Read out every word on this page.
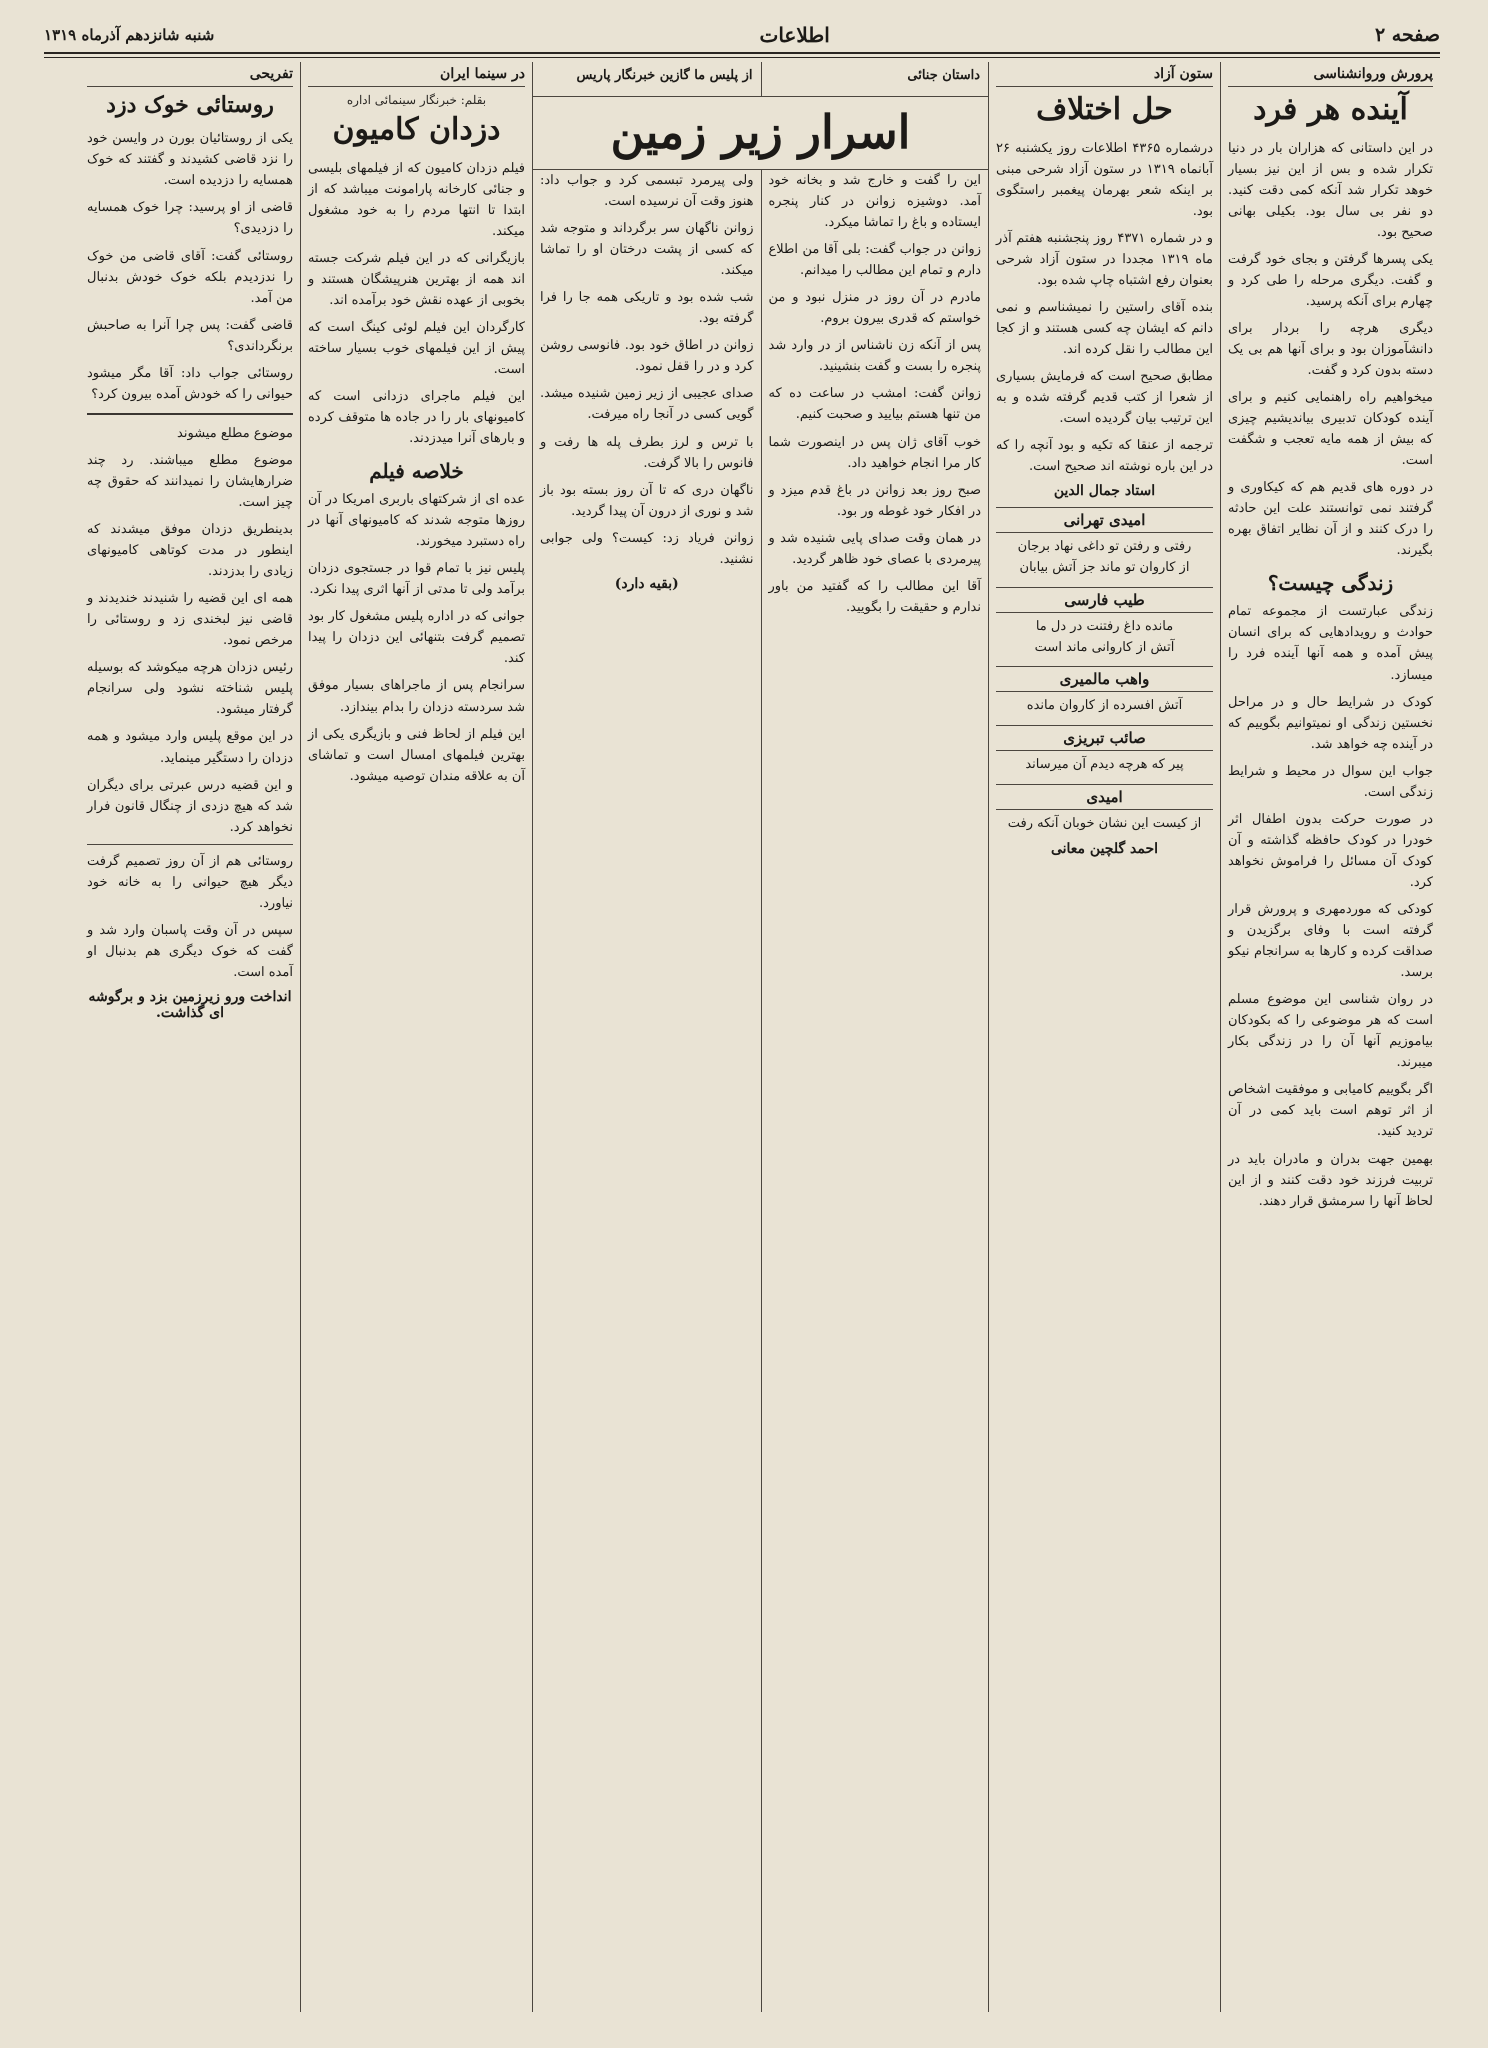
صفحه ۲
اطلاعات
شنبه شانزدهم آذرماه ۱۳۱۹
پرورش وروانشناسی
آینده هر فرد

در این داستانی که هزاران بار در دنیا تکرار شده و بس از این نیز بسیار خوهد تکرار شد آنکه کمی دقت کنید. دو نفر بی سال بود. بکیلی بهانی صحیح بود.

یکی پسرها گرفتن و بجای خود گرفت و گفت. دیگری مرحله را طی کرد و چهارم برای آنکه پرسید.

دیگری هرچه را بردار برای دانشآموزان بود و برای آنها هم بی یک دسته بدون کرد و گفت.

میخواهیم راه راهنمایی کنیم و برای آینده کودکان تدبیری بیاندیشیم چیزی که بیش از همه مایه تعجب و شگفت است.

در دوره های قدیم هم که کیکاوری و گرفتند نمی توانستند علت این حادثه را درک کنند و از آن نظایر اتفاق بهره بگیرند.

زندگی چیست؟

زندگی عبارتست از مجموعه تمام حوادث و رویدادهایی که برای انسان پیش آمده و همه آنها آینده فرد را میسازد.

کودک در شرایط حال و در مراحل نخستین زندگی او نمیتوانیم بگوییم که در آینده چه خواهد شد.

جواب این سوال در محیط و شرایط زندگی است.

در صورت حرکت بدون اطفال اثر خودرا در کودک حافظه گذاشته و آن کودک آن مسائل را فراموش نخواهد کرد.

کودکی که موردمهری و پرورش قرار گرفته است با وفای برگزیدن و صداقت کرده و کارها به سرانجام نیکو برسد.

در روان شناسی این موضوع مسلم است که هر موضوعی را که بکودکان بیاموزیم آنها آن را در زندگی بکار میبرند.

اگر بگوییم کامیابی و موفقیت اشخاص از اثر توهم است باید کمی در آن تردید کنید.

بهمین جهت بدران و مادران باید در تربیت فرزند خود دقت کنند و از این لحاظ آنها را سرمشق قرار دهند.

ستون آزاد
حل اختلاف

درشماره ۴۳۶۵ اطلاعات روز یکشنبه ۲۶ آبانماه ۱۳۱۹ در ستون آزاد شرحی مبنی بر اینکه شعر بهرمان پیغمبر راستگوی بود.

و در شماره ۴۳۷۱ روز پنجشنبه هفتم آذر ماه ۱۳۱۹ مجددا در ستون آزاد شرحی بعنوان رفع اشتباه چاپ شده بود.

بنده آقای راستین را نمیشناسم و نمی دانم که ایشان چه کسی هستند و از کجا این مطالب را نقل کرده اند.

مطابق صحیح است که فرمایش بسیاری از شعرا از کتب قدیم گرفته شده و به این ترتیب بیان گردیده است.

ترجمه از عنقا که تکیه و بود آنچه را که در این باره نوشته اند صحیح است.

استاد جمال الدین
امیدی تهرانی
رفتی و رفتن تو داغی نهاد برجان
از کاروان تو ماند جز آتش بیابان
طیب فارسی
مانده داغ رفتنت در دل ما
آتش از کاروانی ماند است
واهب مالمیری
آتش افسرده از کاروان مانده
صائب تبریزی
پیر که هرچه دیدم آن میرساند
امیدی
از کیست این نشان خوبان آنکه رفت
احمد گلچین معانی
داستان جنائی
از پلیس ما گازین خبرنگار پاریس
اسرار زیر زمین

این را گفت و خارج شد و بخانه خود آمد. دوشیزه زوانن در کنار پنجره ایستاده و باغ را تماشا میکرد.

زوانن در جواب گفت: بلی آقا من اطلاع دارم و تمام این مطالب را میدانم.

مادرم در آن روز در منزل نبود و من خواستم که قدری بیرون بروم.

پس از آنکه زن ناشناس از در وارد شد پنجره را بست و گفت بنشینید.

زوانن گفت: امشب در ساعت ده که من تنها هستم بیایید و صحبت کنیم.

خوب آقای ژان پس در اینصورت شما کار مرا انجام خواهید داد.

صبح روز بعد زوانن در باغ قدم میزد و در افکار خود غوطه ور بود.

در همان وقت صدای پایی شنیده شد و پیرمردی با عصای خود ظاهر گردید.

آقا این مطالب را که گفتید من باور ندارم و حقیقت را بگویید.

ولی پیرمرد تبسمی کرد و جواب داد: هنوز وقت آن نرسیده است.

زوانن ناگهان سر برگرداند و متوجه شد که کسی از پشت درختان او را تماشا میکند.

شب شده بود و تاریکی همه جا را فرا گرفته بود.

زوانن در اطاق خود بود. فانوسی روشن کرد و در را قفل نمود.

صدای عجیبی از زیر زمین شنیده میشد. گویی کسی در آنجا راه میرفت.

با ترس و لرز بطرف پله ها رفت و فانوس را بالا گرفت.

ناگهان دری که تا آن روز بسته بود باز شد و نوری از درون آن پیدا گردید.

زوانن فریاد زد: کیست؟ ولی جوابی نشنید.

(بقیه دارد)
در سینما ایران
بقلم: خبرنگار سینمائی اداره
دزدان کامیون

فیلم دزدان کامیون که از فیلمهای بلیسی و جنائی کارخانه پارامونت میباشد که از ابتدا تا انتها مردم را به خود مشغول میکند.

بازیگرانی که در این فیلم شرکت جسته اند همه از بهترین هنرپیشگان هستند و بخوبی از عهده نقش خود برآمده اند.

کارگردان این فیلم لوئی کینگ است که پیش از این فیلمهای خوب بسیار ساخته است.

این فیلم ماجرای دزدانی است که کامیونهای بار را در جاده ها متوقف کرده و بارهای آنرا میدزدند.

خلاصه فیلم

عده ای از شرکتهای باربری امریکا در آن روزها متوجه شدند که کامیونهای آنها در راه دستبرد میخورند.

پلیس نیز با تمام قوا در جستجوی دزدان برآمد ولی تا مدتی از آنها اثری پیدا نکرد.

جوانی که در اداره پلیس مشغول کار بود تصمیم گرفت بتنهائی این دزدان را پیدا کند.

سرانجام پس از ماجراهای بسیار موفق شد سردسته دزدان را بدام بیندازد.

این فیلم از لحاظ فنی و بازیگری یکی از بهترین فیلمهای امسال است و تماشای آن به علاقه مندان توصیه میشود.

تفریحی
روستائی خوک دزد

یکی از روستائیان بورن در وایسن خود را نزد قاضی کشیدند و گفتند که خوک همسایه را دزدیده است.

قاضی از او پرسید: چرا خوک همسایه را دزدیدی؟

روستائی گفت: آقای قاضی من خوک را ندزدیدم بلکه خوک خودش بدنبال من آمد.

قاضی گفت: پس چرا آنرا به صاحبش برنگرداندی؟

روستائی جواب داد: آقا مگر میشود حیوانی را که خودش آمده بیرون کرد؟

موضوع مطلع میشوند

موضوع مطلع میباشند. رد چند ضرارهایشان را نمیدانند که حقوق چه چیز است.

بدینطریق دزدان موفق میشدند که اینطور در مدت کوتاهی کامیونهای زیادی را بدزدند.

همه ای این قضیه را شنیدند خندیدند و قاضی نیز لبخندی زد و روستائی را مرخص نمود.

رئیس دزدان هرچه میکوشد که بوسیله پلیس شناخته نشود ولی سرانجام گرفتار میشود.

در این موقع پلیس وارد میشود و همه دزدان را دستگیر مینماید.

و این قضیه درس عبرتی برای دیگران شد که هیچ دزدی از چنگال قانون فرار نخواهد کرد.

روستائی هم از آن روز تصمیم گرفت دیگر هیچ حیوانی را به خانه خود نیاورد.

سپس در آن وقت پاسبان وارد شد و گفت که خوک دیگری هم بدنبال او آمده است.

انداخت ورو زیرزمین بزد و برگوشه ای گذاشت.
